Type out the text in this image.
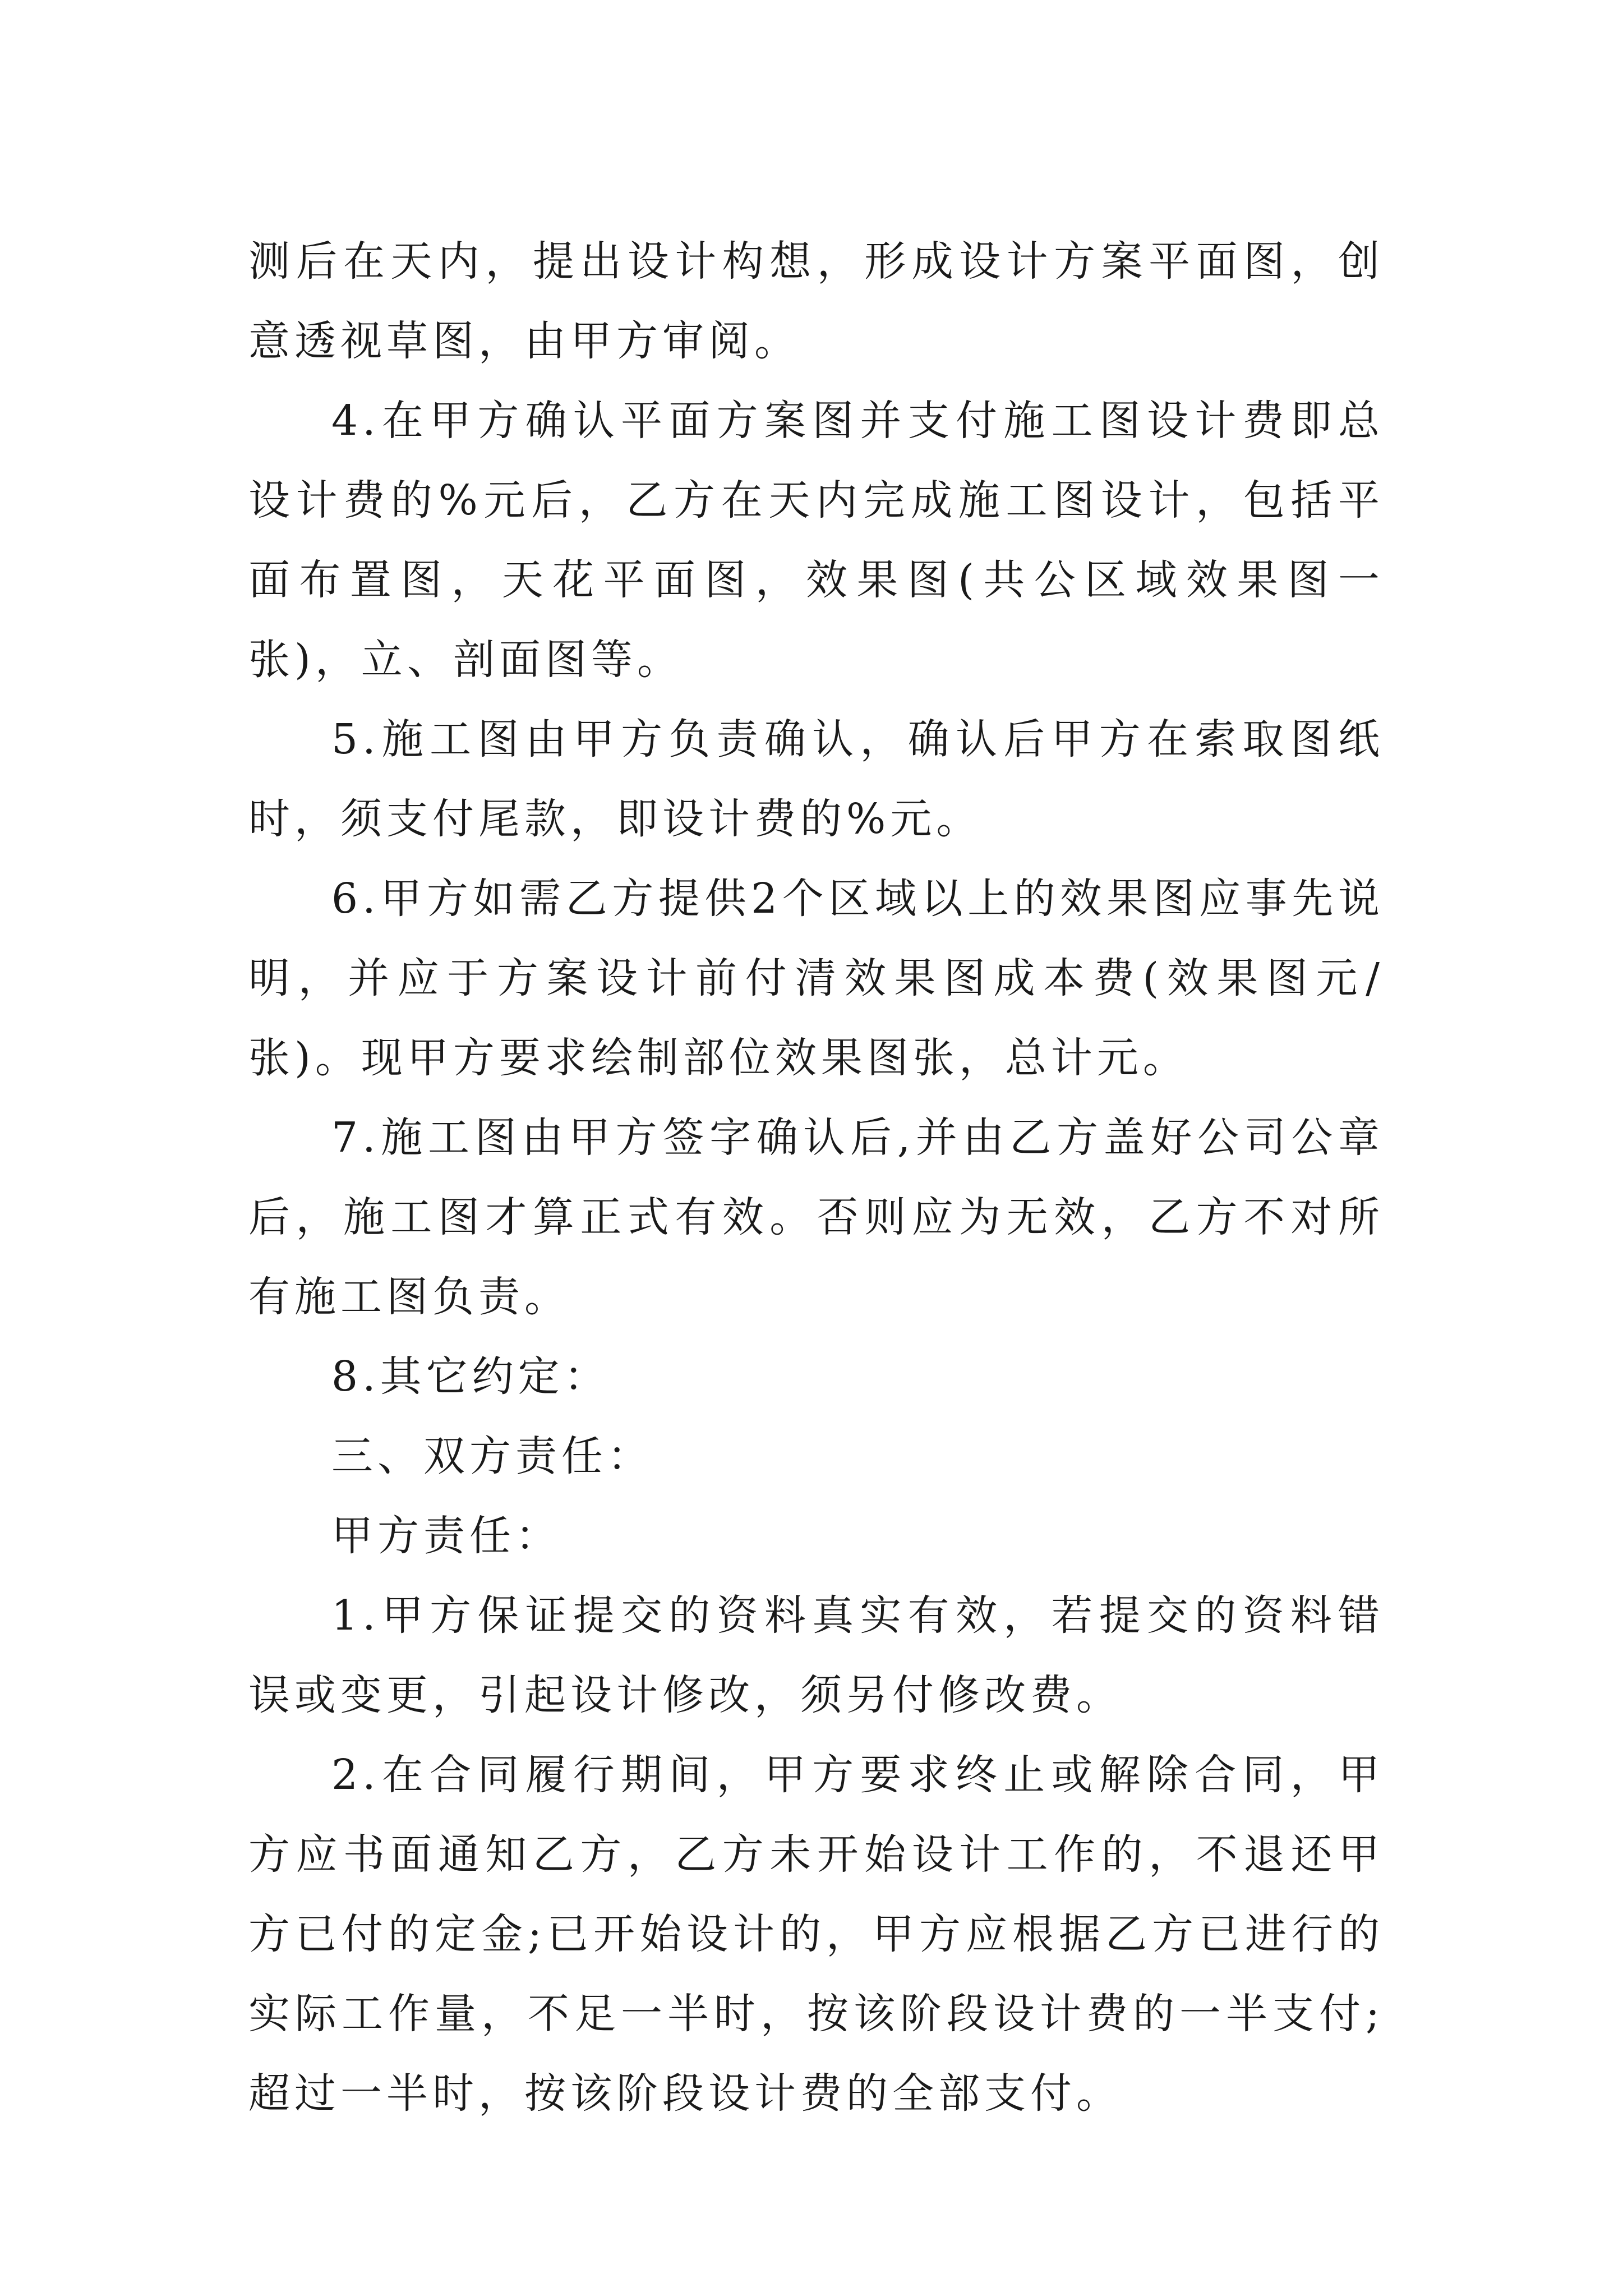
测后在天内，提出设计构想，形成设计方案平面图，创意透视草图，由甲方审阅。

4.在甲方确认平面方案图并支付施工图设计费即总设计费的%元后，乙方在天内完成施工图设计，包括平面布置图，天花平面图，效果图(共公区域效果图一张)，立、剖面图等。

5.施工图由甲方负责确认，确认后甲方在索取图纸时，须支付尾款，即设计费的%元。

6.甲方如需乙方提供2个区域以上的效果图应事先说明，并应于方案设计前付清效果图成本费(效果图元/张)。现甲方要求绘制部位效果图张，总计元。

7.施工图由甲方签字确认后,并由乙方盖好公司公章后，施工图才算正式有效。否则应为无效，乙方不对所有施工图负责。

8.其它约定：

三、双方责任：

甲方责任：

1.甲方保证提交的资料真实有效，若提交的资料错误或变更，引起设计修改，须另付修改费。

2.在合同履行期间，甲方要求终止或解除合同，甲方应书面通知乙方，乙方未开始设计工作的，不退还甲方已付的定金;已开始设计的，甲方应根据乙方已进行的实际工作量，不足一半时，按该阶段设计费的一半支付;超过一半时，按该阶段设计费的全部支付。
